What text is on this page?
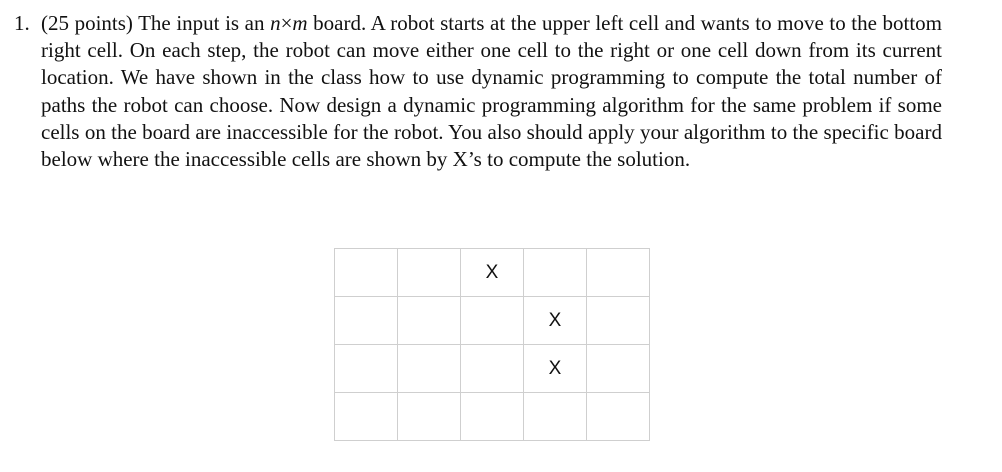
1. (25 points) The input is an n×m board. A robot starts at the upper left cell and wants to move to the bottom right cell. On each step, the robot can move either one cell to the right or one cell down from its current location. We have shown in the class how to use dynamic programming to compute the total number of paths the robot can choose. Now design a dynamic programming algorithm for the same problem if some cells on the board are inaccessible for the robot. You also should apply your algorithm to the specific board below where the inaccessible cells are shown by X’s to compute the solution.
		X		
			X	
			X	
